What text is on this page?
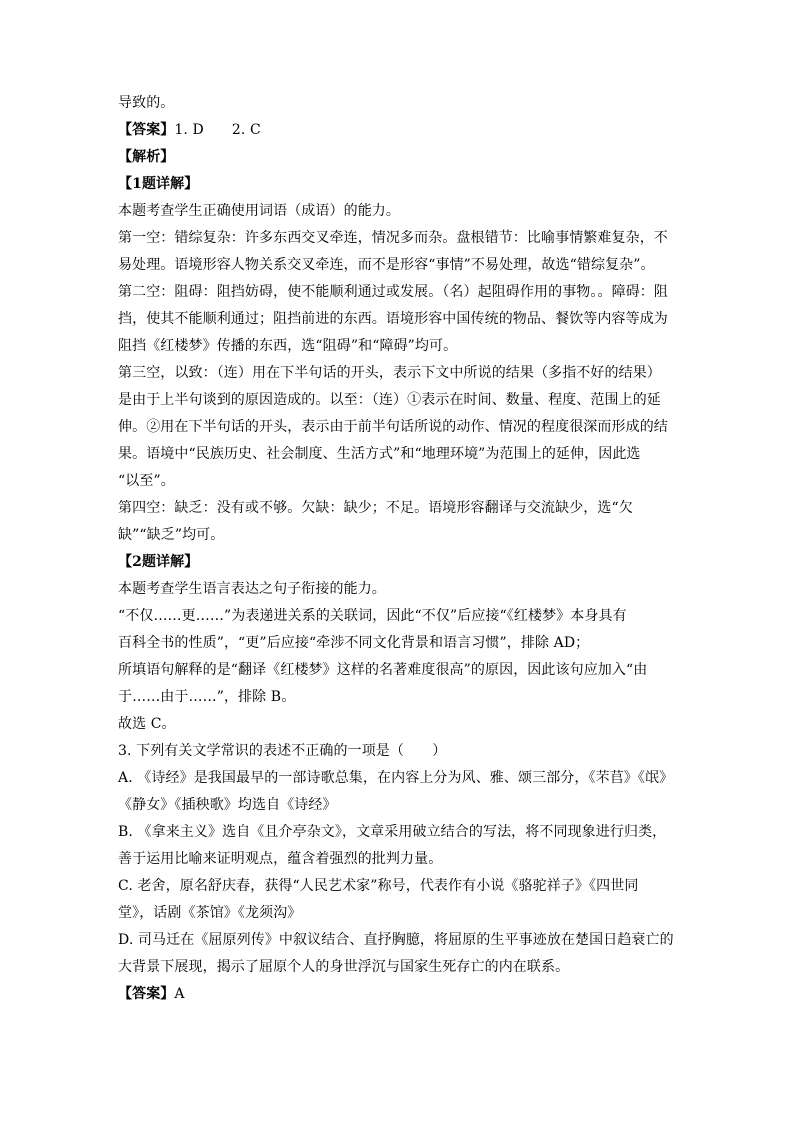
导致的。
【答案】1. D 2. C
【解析】
【1题详解】
本题考查学生正确使用词语（成语）的能力。
第一空：错综复杂：许多东西交叉牵连，情况多而杂。盘根错节：比喻事情繁难复杂，不
易处理。语境形容人物关系交叉牵连，而不是形容“事情”不易处理，故选“错综复杂”。
第二空：阻碍：阻挡妨碍，使不能顺利通过或发展。（名）起阻碍作用的事物。。障碍：阻
挡，使其不能顺利通过；阻挡前进的东西。语境形容中国传统的物品、餐饮等内容等成为
阻挡《红楼梦》传播的东西，选“阻碍”和“障碍”均可。
第三空，以致：（连）用在下半句话的开头，表示下文中所说的结果（多指不好的结果）
是由于上半句谈到的原因造成的。以至：（连）①表示在时间、数量、程度、范围上的延
伸。②用在下半句话的开头，表示由于前半句话所说的动作、情况的程度很深而形成的结
果。语境中“民族历史、社会制度、生活方式”和“地理环境”为范围上的延伸，因此选
“以至”。
第四空：缺乏：没有或不够。欠缺：缺少；不足。语境形容翻译与交流缺少，选“欠
缺”“缺乏”均可。
【2题详解】
本题考查学生语言表达之句子衔接的能力。
“不仅……更……”为表递进关系的关联词，因此“不仅”后应接“《红楼梦》本身具有
百科全书的性质”，“更”后应接“牵涉不同文化背景和语言习惯”，排除 AD；
所填语句解释的是“翻译《红楼梦》这样的名著难度很高”的原因，因此该句应加入“由
于……由于……”，排除 B。
故选 C。
3. 下列有关文学常识的表述不正确的一项是（　　）
A. 《诗经》是我国最早的一部诗歌总集，在内容上分为风、雅、颂三部分，《芣苢》《氓》
《静女》《插秧歌》均选自《诗经》
B. 《拿来主义》选自《且介亭杂文》，文章采用破立结合的写法，将不同现象进行归类，
善于运用比喻来证明观点，蕴含着强烈的批判力量。
C. 老舍，原名舒庆春，获得“人民艺术家”称号，代表作有小说《骆驼祥子》《四世同
堂》，话剧《茶馆》《龙须沟》
D. 司马迁在《屈原列传》中叙议结合、直抒胸臆，将屈原的生平事迹放在楚国日趋衰亡的
大背景下展现，揭示了屈原个人的身世浮沉与国家生死存亡的内在联系。
【答案】A
